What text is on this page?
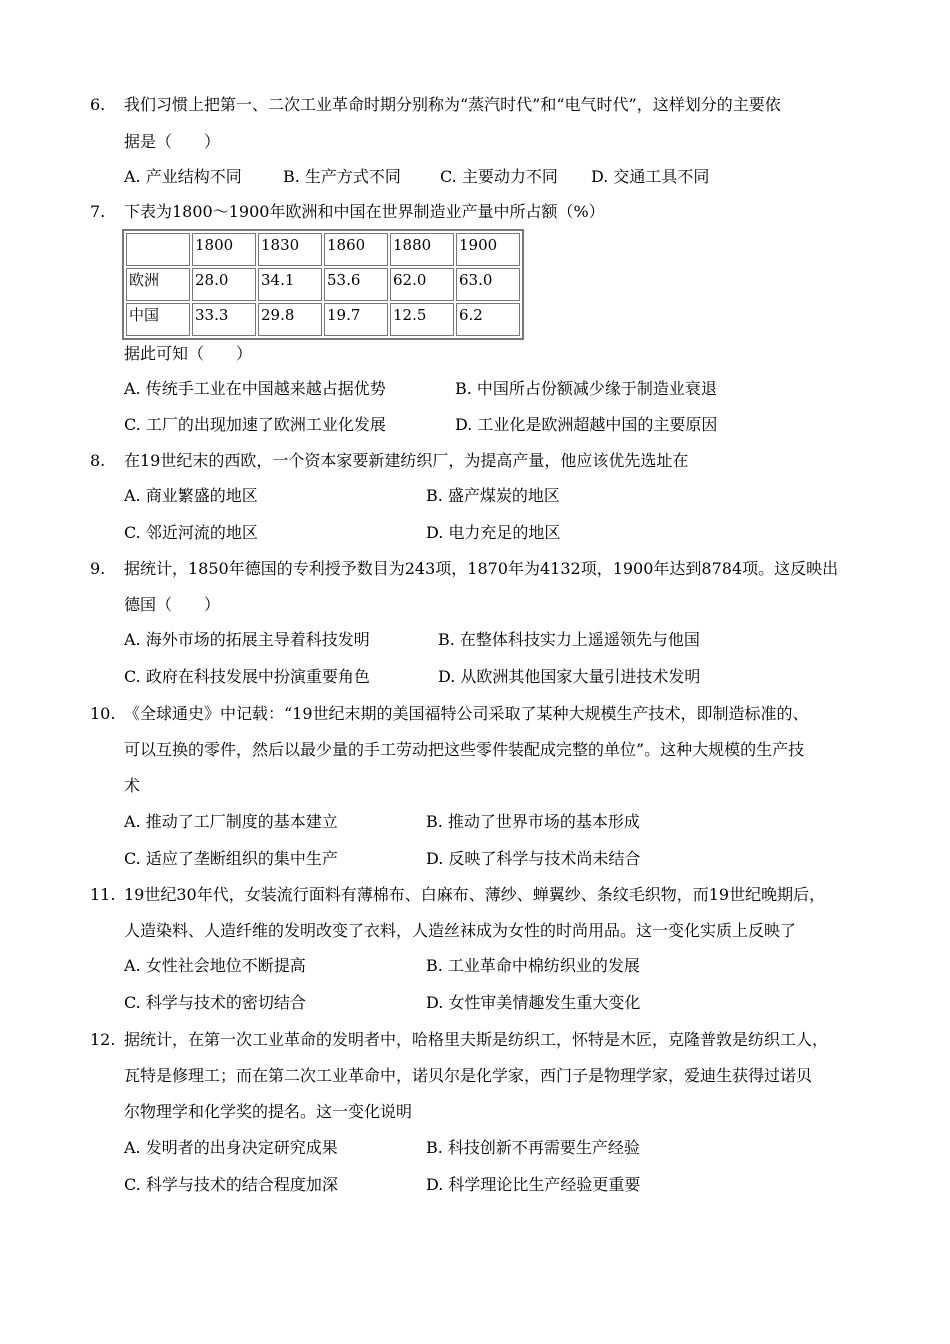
6. 我们习惯上把第一、二次工业革命时期分别称为“蒸汽时代”和“电气时代”，这样划分的主要依
据是（　　）
A. 产业结构不同	B. 生产方式不同 C. 主要动力不同 D. 交通工具不同
7. 下表为1800～1900年欧洲和中国在世界制造业产量中所占额（%）
	1800	1830	1860	1880	1900
欧洲	28.0	34.1	53.6	62.0	63.0
中国	33.3	29.8	19.7	12.5	6.2
据此可知（　　）
A. 传统手工业在中国越来越占据优势	B. 中国所占份额减少缘于制造业衰退
C. 工厂的出现加速了欧洲工业化发展	D. 工业化是欧洲超越中国的主要原因
8. 在19世纪末的西欧，一个资本家要新建纺织厂，为提高产量，他应该优先选址在
A. 商业繁盛的地区	B. 盛产煤炭的地区
C. 邻近河流的地区	D. 电力充足的地区
9. 据统计，1850年德国的专利授予数目为243项，1870年为4132项，1900年达到8784项。这反映出
德国（　　）
A. 海外市场的拓展主导着科技发明	B. 在整体科技实力上遥遥领先与他国
C. 政府在科技发展中扮演重要角色	D. 从欧洲其他国家大量引进技术发明
10. 《全球通史》中记载：“19世纪末期的美国福特公司采取了某种大规模生产技术，即制造标准的、
可以互换的零件，然后以最少量的手工劳动把这些零件装配成完整的单位”。这种大规模的生产技
术
A. 推动了工厂制度的基本建立	B. 推动了世界市场的基本形成
C. 适应了垄断组织的集中生产	D. 反映了科学与技术尚未结合
11. 19世纪30年代，女装流行面料有薄棉布、白麻布、薄纱、蝉翼纱、条纹毛织物，而19世纪晚期后，
人造染料、人造纤维的发明改变了衣料，人造丝袜成为女性的时尚用品。这一变化实质上反映了
A. 女性社会地位不断提高	B. 工业革命中棉纺织业的发展
C. 科学与技术的密切结合	D. 女性审美情趣发生重大变化
12. 据统计，在第一次工业革命的发明者中，哈格里夫斯是纺织工，怀特是木匠，克隆普敦是纺织工人，
瓦特是修理工；而在第二次工业革命中，诺贝尔是化学家，西门子是物理学家，爱迪生获得过诺贝
尔物理学和化学奖的提名。这一变化说明
A. 发明者的出身决定研究成果	B. 科技创新不再需要生产经验
C. 科学与技术的结合程度加深	D. 科学理论比生产经验更重要
